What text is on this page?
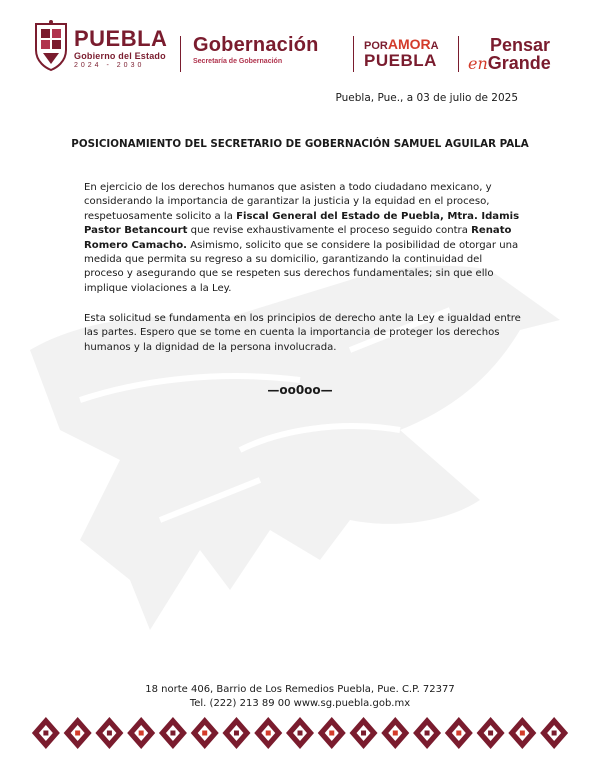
PUEBLA
Gobierno del Estado
2024 - 2030
Gobernación
Secretaría de Gobernación
PORAMORA
PUEBLA
Pensar
enGrande
Puebla, Pue., a 03 de julio de 2025
POSICIONAMIENTO DEL SECRETARIO DE GOBERNACIÓN SAMUEL AGUILAR PALA
En ejercicio de los derechos humanos que asisten a todo ciudadano mexicano, y considerando la importancia de garantizar la justicia y la equidad en el proceso, respetuosamente solicito a la Fiscal General del Estado de Puebla, Mtra. Idamis Pastor Betancourt que revise exhaustivamente el proceso seguido contra Renato Romero Camacho. Asimismo, solicito que se considere la posibilidad de otorgar una medida que permita su regreso a su domicilio, garantizando la continuidad del proceso y asegurando que se respeten sus derechos fundamentales; sin que ello implique violaciones a la Ley.
Esta solicitud se fundamenta en los principios de derecho ante la Ley e igualdad entre las partes. Espero que se tome en cuenta la importancia de proteger los derechos humanos y la dignidad de la persona involucrada.
—oo0oo—
18 norte 406, Barrio de Los Remedios Puebla, Pue. C.P. 72377
Tel. (222) 213 89 00 www.sg.puebla.gob.mx
